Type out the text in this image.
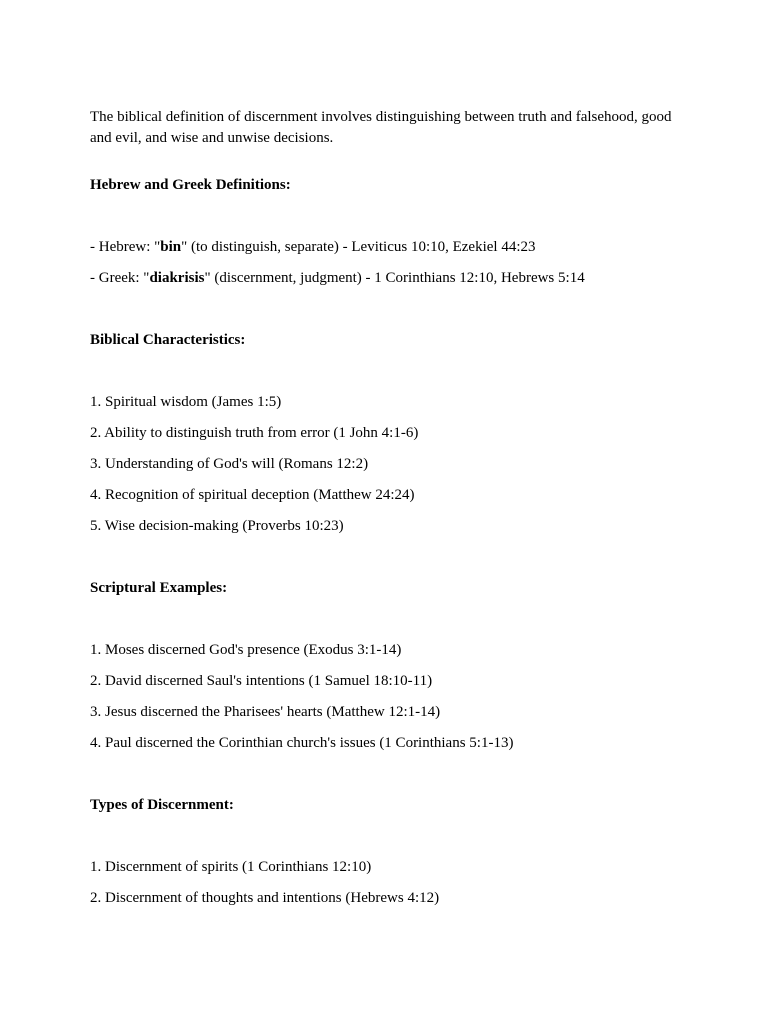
The biblical definition of discernment involves distinguishing between truth and falsehood, good and evil, and wise and unwise decisions.

Hebrew and Greek Definitions:
- Hebrew: "bin" (to distinguish, separate) - Leviticus 10:10, Ezekiel 44:23
- Greek: "diakrisis" (discernment, judgment) - 1 Corinthians 12:10, Hebrews 5:14
Biblical Characteristics:
1. Spiritual wisdom (James 1:5)
2. Ability to distinguish truth from error (1 John 4:1-6)
3. Understanding of God's will (Romans 12:2)
4. Recognition of spiritual deception (Matthew 24:24)
5. Wise decision-making (Proverbs 10:23)
Scriptural Examples:
1. Moses discerned God's presence (Exodus 3:1-14)
2. David discerned Saul's intentions (1 Samuel 18:10-11)
3. Jesus discerned the Pharisees' hearts (Matthew 12:1-14)
4. Paul discerned the Corinthian church's issues (1 Corinthians 5:1-13)
Types of Discernment:
1. Discernment of spirits (1 Corinthians 12:10)
2. Discernment of thoughts and intentions (Hebrews 4:12)
